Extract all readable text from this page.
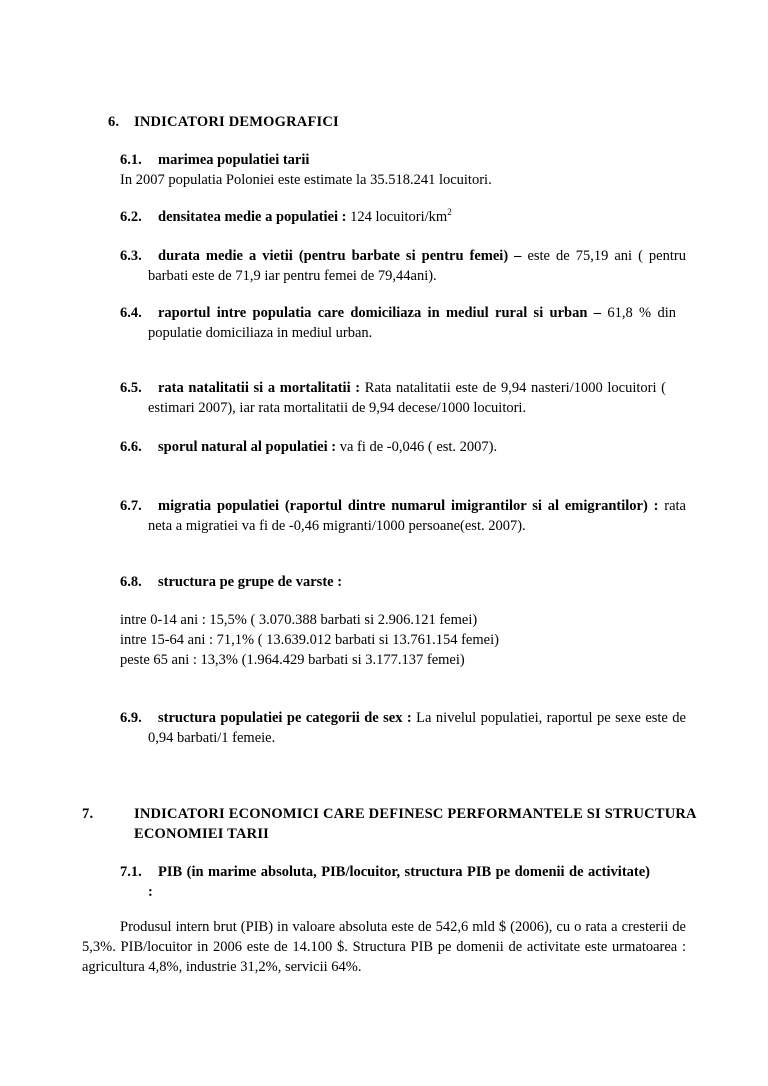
6. INDICATORI DEMOGRAFICI
6.1. marimea populatiei tarii
In 2007 populatia Poloniei este estimate la 35.518.241 locuitori.
6.2. densitatea medie a populatiei : 124 locuitori/$km^2$
6.3. durata medie a vietii (pentru barbate si pentru femei) – este de 75,19 ani ( pentru barbati este de 71,9 iar pentru femei de 79,44ani).
6.4. raportul intre populatia care domiciliaza in mediul rural si urban – 61,8 % din populatie domiciliaza in mediul urban.
6.5. rata natalitatii si a mortalitatii : Rata natalitatii este de 9,94 nasteri/1000 locuitori ( estimari 2007), iar rata mortalitatii de 9,94 decese/1000 locuitori.
6.6. sporul natural al populatiei : va fi de -0,046 ( est. 2007).
6.7. migratia populatiei (raportul dintre numarul imigrantilor si al emigrantilor) : rata neta a migratiei va fi de -0,46 migranti/1000 persoane(est. 2007).
6.8. structura pe grupe de varste :
intre 0-14 ani : 15,5% ( 3.070.388 barbati si 2.906.121 femei)
intre 15-64 ani : 71,1% ( 13.639.012 barbati si 13.761.154 femei)
peste 65 ani : 13,3% (1.964.429 barbati si 3.177.137 femei)
6.9. structura populatiei pe categorii de sex : La nivelul populatiei, raportul pe sexe este de 0,94 barbati/1 femeie.
7.	INDICATORI ECONOMICI CARE DEFINESC PERFORMANTELE SI STRUCTURA ECONOMIEI TARII
7.1. PIB (in marime absoluta, PIB/locuitor, structura PIB pe domenii de activitate) :
Produsul intern brut (PIB) in valoare absoluta este de 542,6 mld $ (2006), cu o rata a cresterii de 5,3%. PIB/locuitor in 2006 este de 14.100 $. Structura PIB pe domenii de activitate este urmatoarea : agricultura 4,8%, industrie 31,2%, servicii 64%.
